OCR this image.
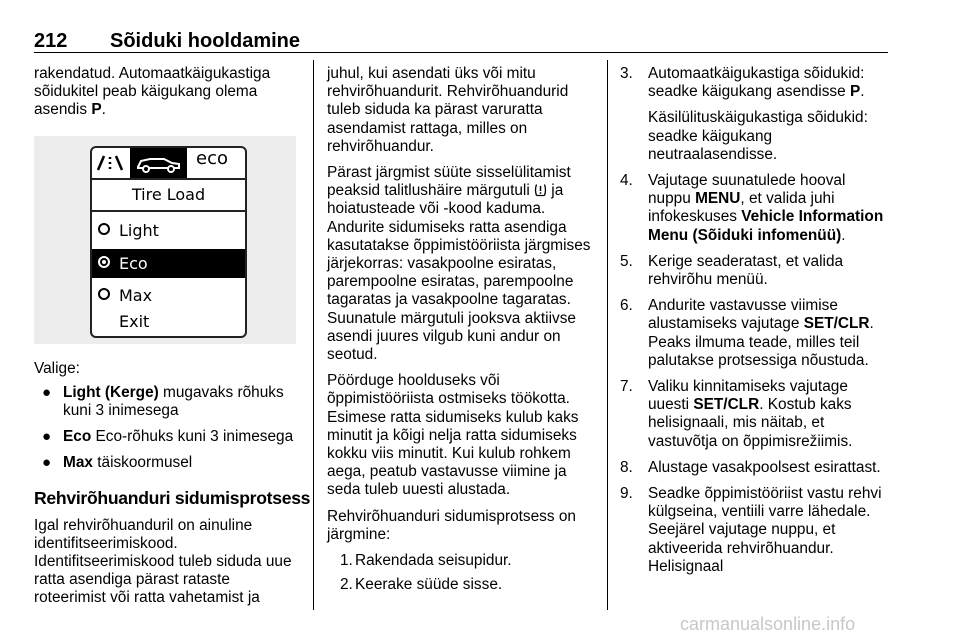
212 Sõiduki hooldamine

rakendatud. Automaatkäigukastiga sõidukitel peab käigukang olema asendis P.

eco
Tire Load
Light
Eco
Max
Exit

Valige:

● Light (Kerge) mugavaks rõhuks kuni 3 inimesega
● Eco Eco-rõhuks kuni 3 inimesega
● Max täiskoormusel
Rehvirõhuanduri sidumisprotsess

Igal rehvirõhuanduril on ainuline identifitseerimiskood. Identifitseerimiskood tuleb siduda uue ratta asendiga pärast rataste roteerimist või ratta vahetamist ja

juhul, kui asendati üks või mitu rehvirõhuandurit. Rehvirõhuandurid tuleb siduda ka pärast varuratta asendamist rattaga, milles on rehvirõhuandur.

Pärast järgmist süüte sisselülitamist peaksid talitlushäire märgutuli  ja hoiatusteade või -kood kaduma. Andurite sidumiseks ratta asendiga kasutatakse õppimistööriista järgmises järjekorras: vasakpoolne esiratas, parempoolne esiratas, parempoolne tagaratas ja vasakpoolne tagaratas. Suunatule märgutuli jooksva aktiivse asendi juures vilgub kuni andur on seotud.

Pöörduge hoolduseks või õppimistööriista ostmiseks töökotta. Esimese ratta sidumiseks kulub kaks minutit ja kõigi nelja ratta sidumiseks kokku viis minutit. Kui kulub rohkem aega, peatub vastavusse viimine ja seda tuleb uuesti alustada.

Rehvirõhuanduri sidumisprotsess on järgmine:

1. Rakendada seisupidur.
2. Keerake süüde sisse.
3. Automaatkäigukastiga sõidukid: seadke käigukang asendisse P.

Käsilülituskäigukastiga sõidukid: seadke käigukang neutraalasendisse.

4. Vajutage suunatulede hooval nuppu MENU, et valida juhi infokeskuses Vehicle Information Menu (Sõiduki infomenüü).
5. Kerige seaderatast, et valida rehvirõhu menüü.
6. Andurite vastavusse viimise alustamiseks vajutage SET/CLR. Peaks ilmuma teade, milles teil palutakse protsessiga nõustuda.
7. Valiku kinnitamiseks vajutage uuesti SET/CLR. Kostub kaks helisignaali, mis näitab, et vastuvõtja on õppimisrežiimis.
8. Alustage vasakpoolsest esirattast.
9. Seadke õppimistööriist vastu rehvi külgseina, ventiili varre lähedale. Seejärel vajutage nuppu, et aktiveerida rehvirõhuandur. Helisignaal
carmanualsonline.info
